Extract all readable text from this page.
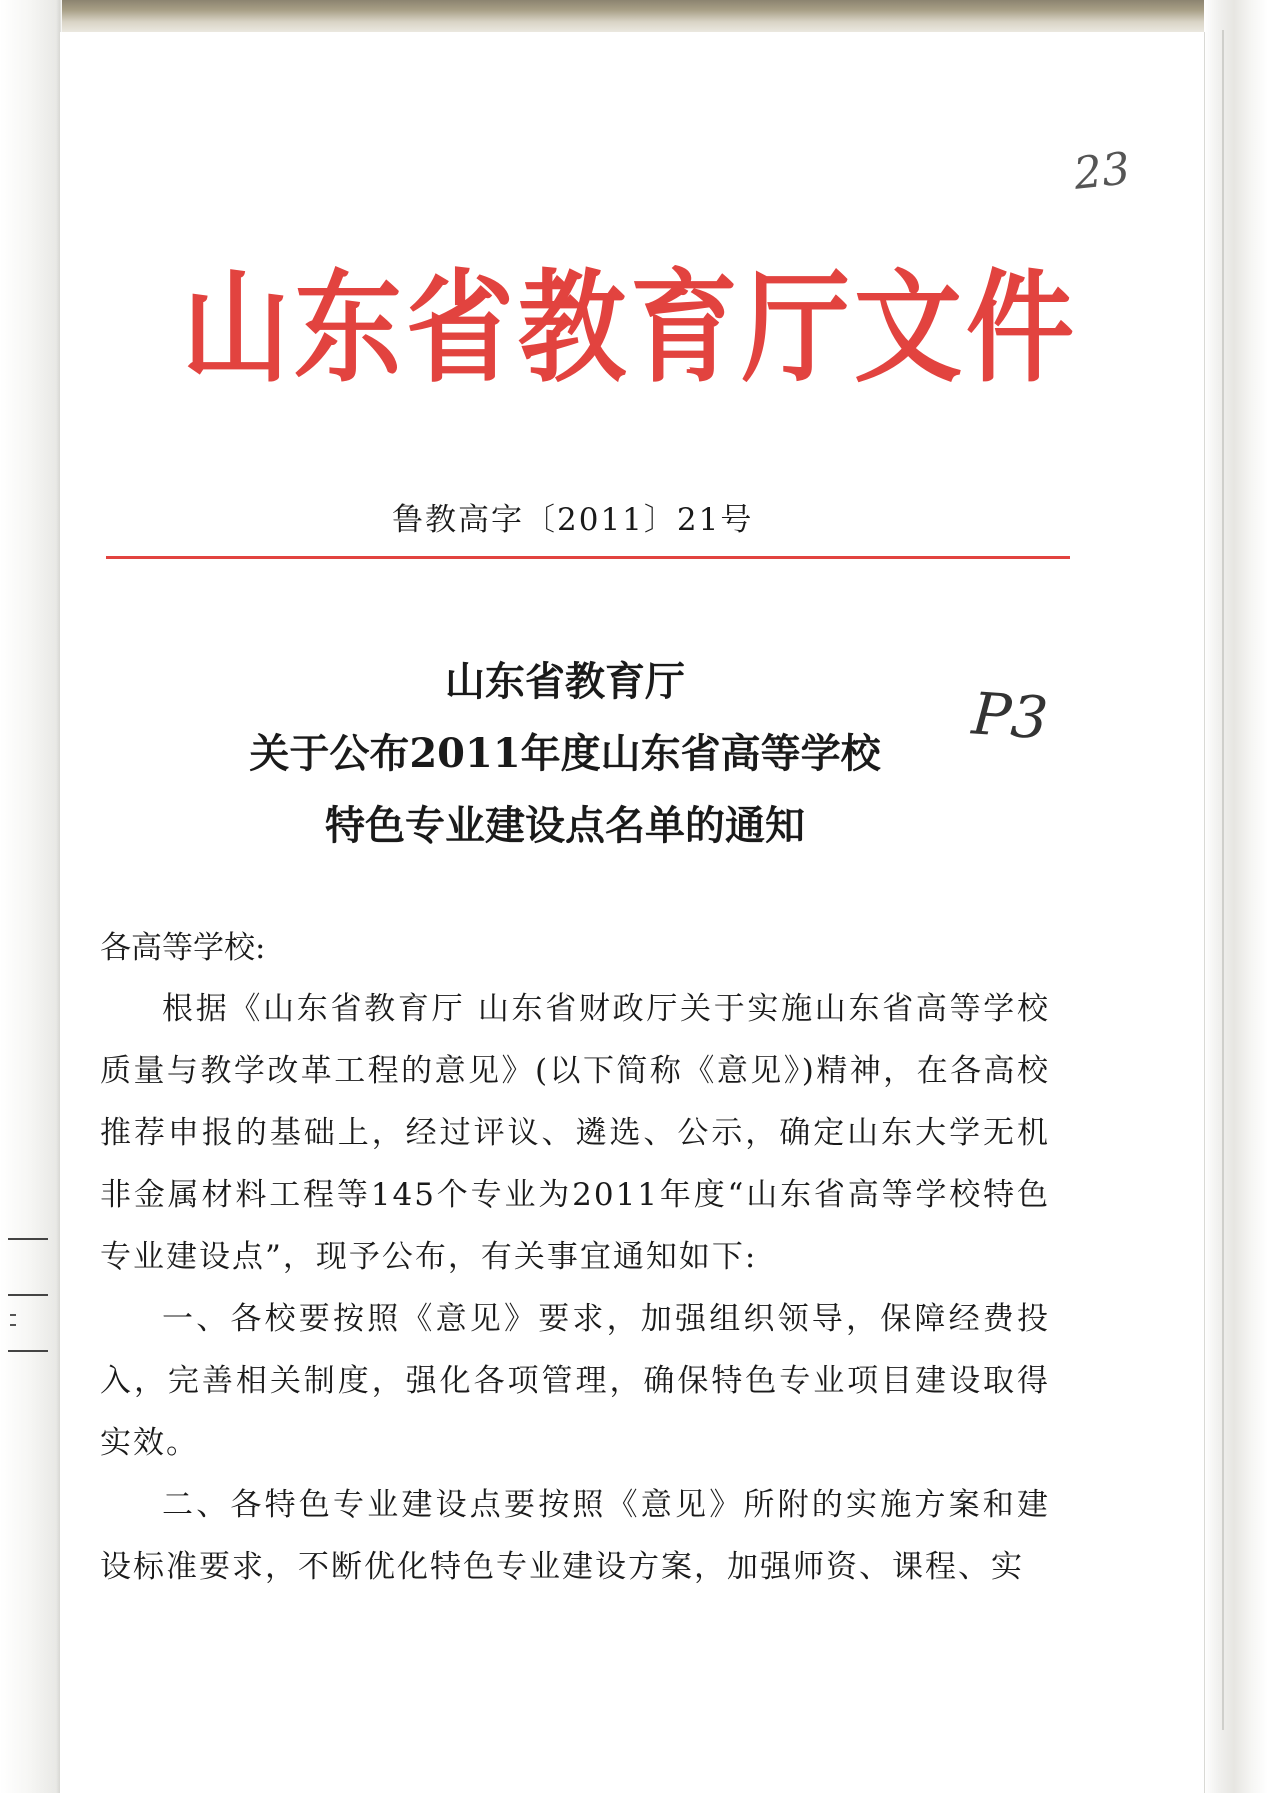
23
P3
山东省教育厅文件
鲁教高字〔2011〕21号
山东省教育厅
关于公布2011年度山东省高等学校
特色专业建设点名单的通知
各高等学校:

根据《山东省教育厅 山东省财政厅关于实施山东省高等学校质量与教学改革工程的意见》(以下简称《意见》)精神，在各高校推荐申报的基础上，经过评议、遴选、公示，确定山东大学无机非金属材料工程等145个专业为2011年度“山东省高等学校特色专业建设点”，现予公布，有关事宜通知如下:

一、各校要按照《意见》要求，加强组织领导，保障经费投入，完善相关制度，强化各项管理，确保特色专业项目建设取得实效。

二、各特色专业建设点要按照《意见》所附的实施方案和建设标准要求，不断优化特色专业建设方案，加强师资、课程、实
